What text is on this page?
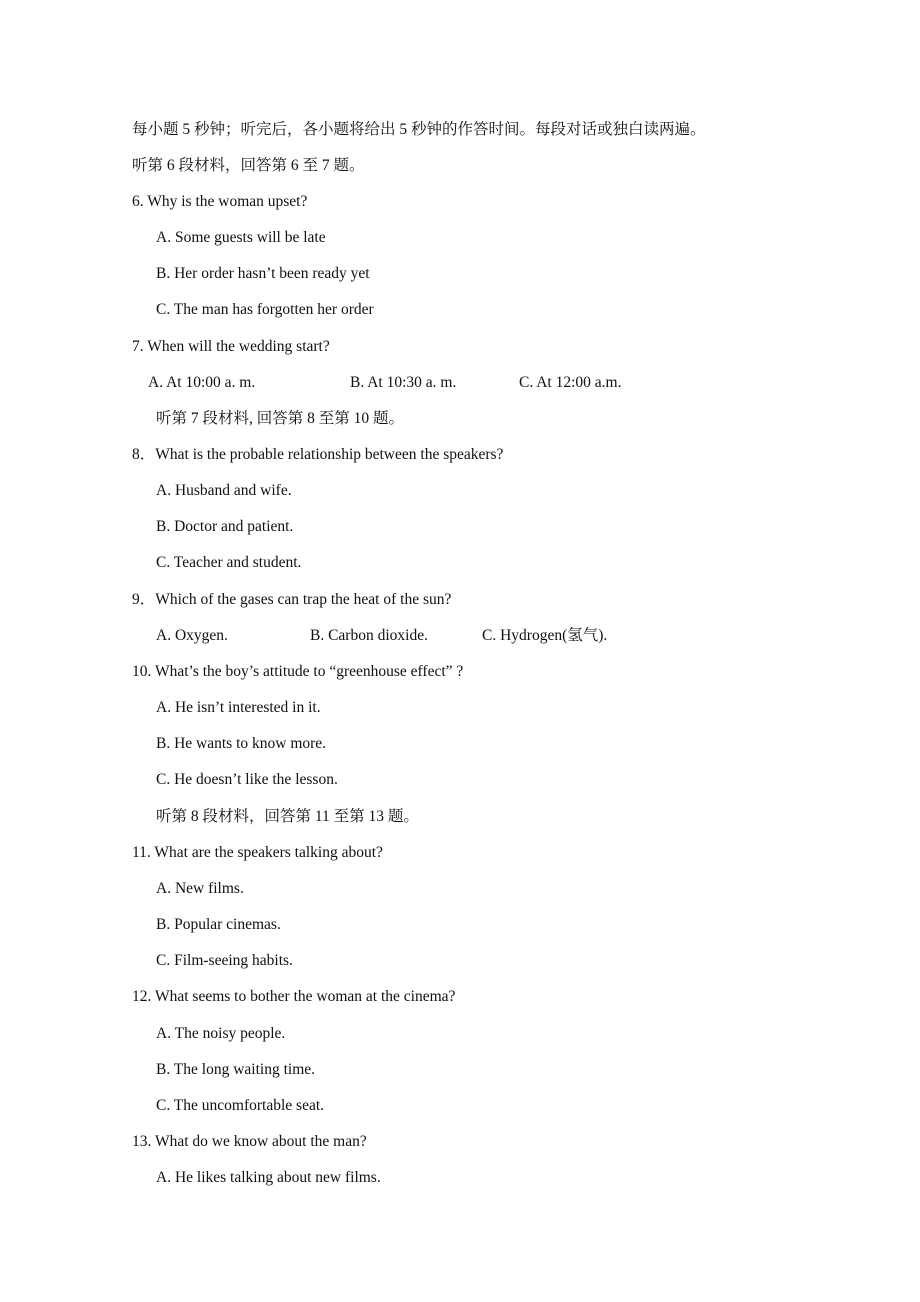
每小题 5 秒钟；听完后，各小题将给出 5 秒钟的作答时间。每段对话或独白读两遍。
听第 6 段材料，回答第 6 至 7 题。
6. Why is the woman upset?
A. Some guests will be late
B. Her order hasn’t been ready yet
C. The man has forgotten her order
7. When will the wedding start?
A. At 10:00 a. m.	B. At 10:30 a. m.	C. At 12:00 a.m.
听第 7 段材料, 回答第 8 至第 10 题。
8．What is the probable relationship between the speakers?
A. Husband and wife.
B. Doctor and patient.
C. Teacher and student.
9．Which of the gases can trap the heat of the sun?
A. Oxygen.	B. Carbon dioxide.	C. Hydrogen(氢气).
10. What’s the boy’s attitude to “greenhouse effect” ?
A. He isn’t interested in it.
B. He wants to know more.
C. He doesn’t like the lesson.
听第 8 段材料，回答第 11 至第 13 题。
11. What are the speakers talking about?
A. New films.
B. Popular cinemas.
C. Film-seeing habits.
12. What seems to bother the woman at the cinema?
A. The noisy people.
B. The long waiting time.
C. The uncomfortable seat.
13. What do we know about the man?
A. He likes talking about new films.
